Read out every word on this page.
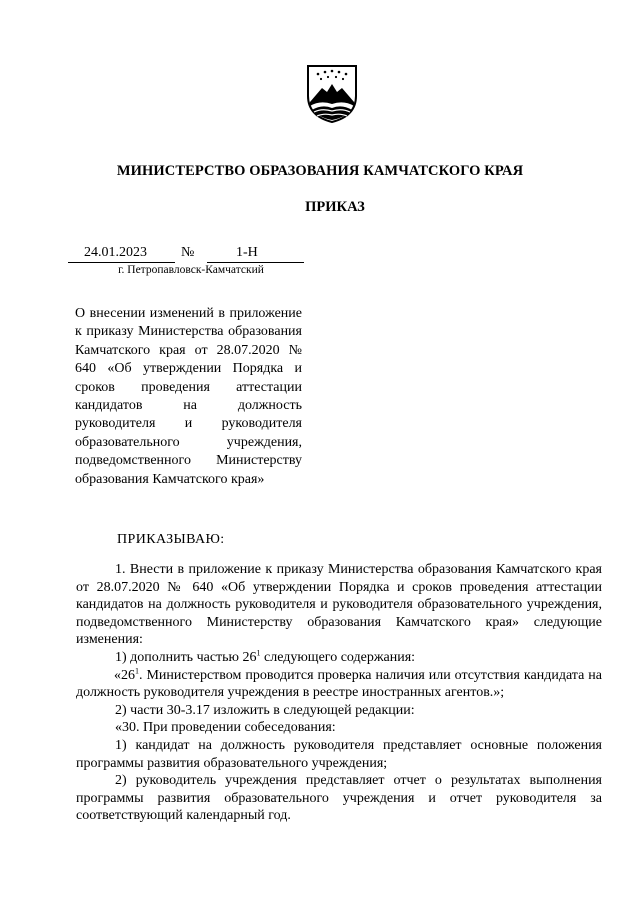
МИНИСТЕРСТВО ОБРАЗОВАНИЯ КАМЧАТСКОГО КРАЯ
ПРИКАЗ
24.01.2023 №	1-Н
г. Петропавловск-Камчатский
О внесении изменений в приложение к приказу Министерства образования Камчатского края от 28.07.2020 № 640 «Об утверждении Порядка и сроков проведения аттестации кандидатов на должность руководителя и руководителя образовательного учреждения, подведомственного Министерству образования Камчатского края»
ПРИКАЗЫВАЮ:

1. Внести в приложение к приказу Министерства образования Камчатского края от 28.07.2020 № 640 «Об утверждении Порядка и сроков проведения аттестации кандидатов на должность руководителя и руководителя образовательного учреждения, подведомственного Министерству образования Камчатского края» следующие изменения:

1) дополнить частью $26^1$ следующего содержания:

«$26^1$. Министерством проводится проверка наличия или отсутствия кандидата на должность руководителя учреждения в реестре иностранных агентов.»;

2) части 30-3.17 изложить в следующей редакции:

«30. При проведении собеседования:

1) кандидат на должность руководителя представляет основные положения программы развития образовательного учреждения;

2) руководитель учреждения представляет отчет о результатах выполнения программы развития образовательного учреждения и отчет руководителя за соответствующий календарный год.
